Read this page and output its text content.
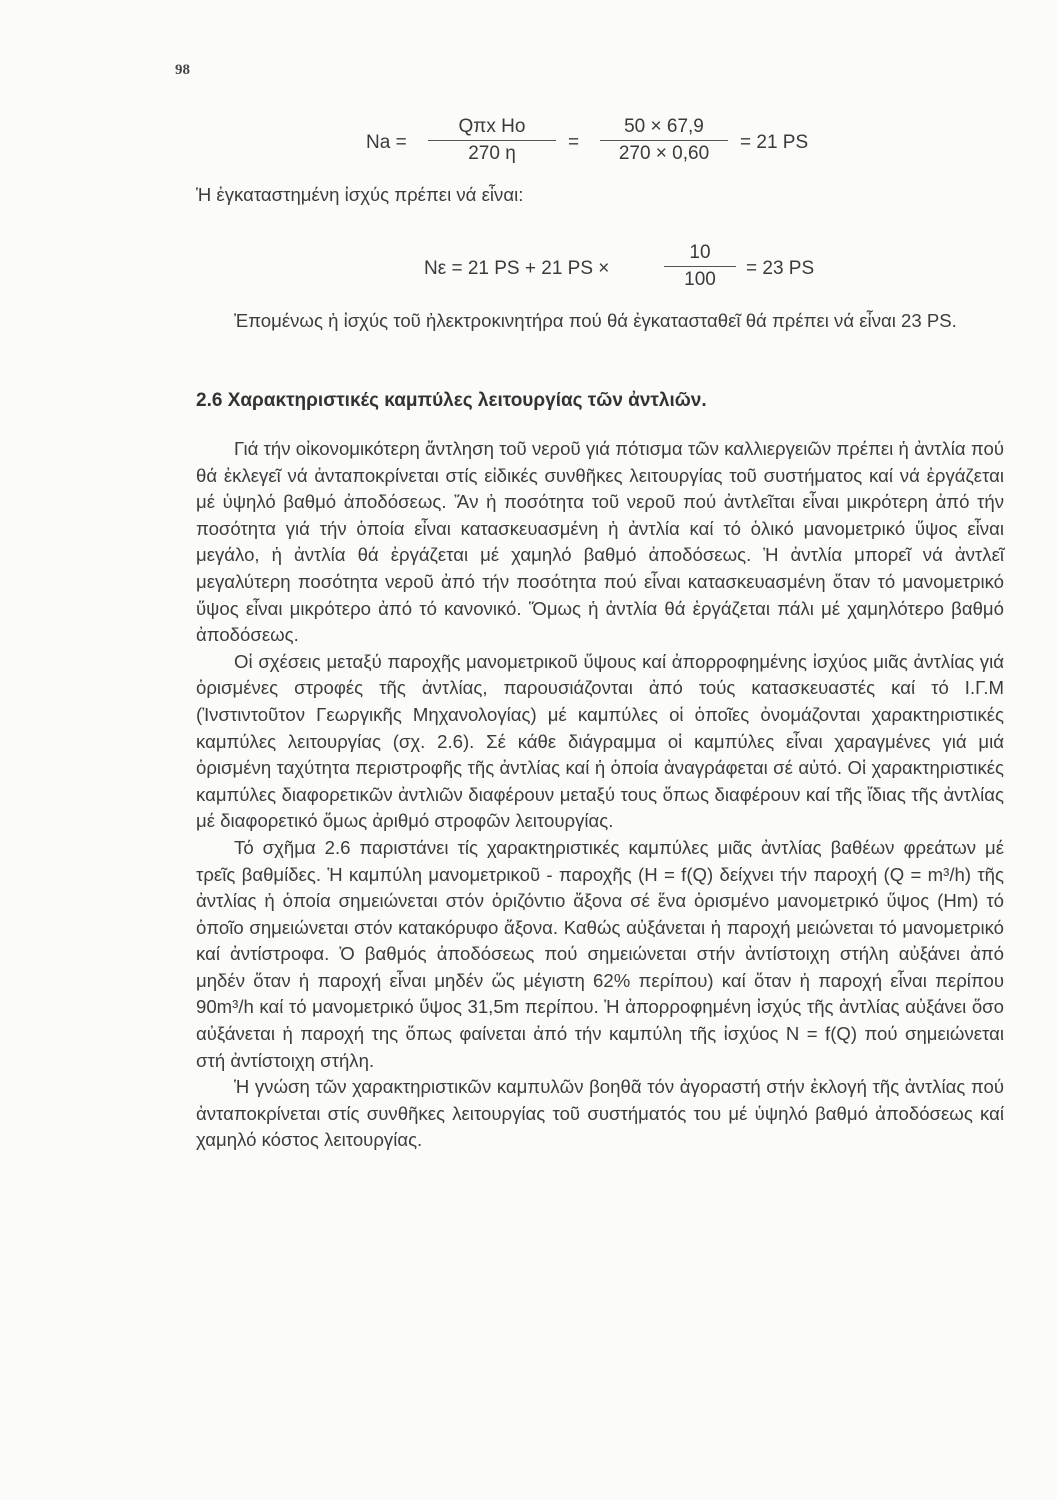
98
Na =
Qπx Ho
270 η
= $\frac{50 \times 67,9}{270 \times 0,60} = 21$ PS
Ἡ ἐγκαταστημένη ἰσχύς πρέπει νά εἶναι:
Nε = 21 PS + 21 PS ×	$\frac{10}{100} = 23$ PS
Ἐπομένως ἡ ἰσχύς τοῦ ἠλεκτροκινητήρα πού θά ἐγκατασταθεῖ θά πρέπει νά εἶναι 23 PS.
2.6 Χαρακτηριστικές καμπύλες λειτουργίας τῶν ἀντλιῶν.

Γιά τήν οἰκονομικότερη ἄντληση τοῦ νεροῦ γιά πότισμα τῶν καλλιεργειῶν πρέπει ἡ ἀντλία πού θά ἐκλεγεῖ νά ἀνταποκρίνεται στίς εἰδικές συνθῆκες λειτουργίας τοῦ συστήματος καί νά ἐργάζεται μέ ὑψηλό βαθμό ἀποδόσεως. Ἄν ἡ ποσότητα τοῦ νεροῦ πού ἀντλεῖται εἶναι μικρότερη ἀπό τήν ποσότητα γιά τήν ὁποία εἶναι κατασκευασμένη ἡ ἀντλία καί τό ὁλικό μανομετρικό ὕψος εἶναι μεγάλο, ἡ ἀντλία θά ἐργάζεται μέ χαμηλό βαθμό ἀποδόσεως. Ἡ ἀντλία μπορεῖ νά ἀντλεῖ μεγαλύτερη ποσότητα νεροῦ ἀπό τήν ποσότητα πού εἶναι κατασκευασμένη ὅταν τό μανομετρικό ὕψος εἶναι μικρότερο ἀπό τό κανονικό. Ὅμως ἡ ἀντλία θά ἐργάζεται πάλι μέ χαμηλότερο βαθμό ἀποδόσεως.

Οἱ σχέσεις μεταξύ παροχῆς μανομετρικοῦ ὕψους καί ἀπορροφημένης ἰσχύος μιᾶς ἀντλίας γιά ὁρισμένες στροφές τῆς ἀντλίας, παρουσιάζονται ἀπό τούς κατασκευαστές καί τό Ι.Γ.Μ (Ἰνστιντοῦτον Γεωργικῆς Μηχανολογίας) μέ καμπύλες οἱ ὁποῖες ὀνομάζονται χαρακτηριστικές καμπύλες λειτουργίας (σχ. 2.6). Σέ κάθε διάγραμμα οἱ καμπύλες εἶναι χαραγμένες γιά μιά ὁρισμένη ταχύτητα περιστροφῆς τῆς ἀντλίας καί ἡ ὁποία ἀναγράφεται σέ αὐτό. Οἱ χαρακτηριστικές καμπύλες διαφορετικῶν ἀντλιῶν διαφέρουν μεταξύ τους ὅπως διαφέρουν καί τῆς ἴδιας τῆς ἀντλίας μέ διαφορετικό ὅμως ἀριθμό στροφῶν λειτουργίας.

Τό σχῆμα 2.6 παριστάνει τίς χαρακτηριστικές καμπύλες μιᾶς ἀντλίας βαθέων φρεάτων μέ τρεῖς βαθμίδες. Ἡ καμπύλη μανομετρικοῦ - παροχῆς (H = f(Q) δείχνει τήν παροχή (Q = m³/h) τῆς ἀντλίας ἡ ὁποία σημειώνεται στόν ὁριζόντιο ἄξονα σέ ἕνα ὁρισμένο μανομετρικό ὕψος (Hm) τό ὁποῖο σημειώνεται στόν κατακόρυφο ἄξονα. Καθώς αὐξάνεται ἡ παροχή μειώνεται τό μανομετρικό καί ἀντίστροφα. Ὁ βαθμός ἀποδόσεως πού σημειώνεται στήν ἀντίστοιχη στήλη αὐξάνει ἀπό μηδέν ὅταν ἡ παροχή εἶναι μηδέν ὥς μέγιστη 62% περίπου) καί ὅταν ἡ παροχή εἶναι περίπου 90m³/h καί τό μανομετρικό ὕψος 31,5m περίπου. Ἡ ἀπορροφημένη ἰσχύς τῆς ἀντλίας αὐξάνει ὅσο αὐξάνεται ἡ παροχή της ὅπως φαίνεται ἀπό τήν καμπύλη τῆς ἰσχύος N = f(Q) πού σημειώνεται στή ἀντίστοιχη στήλη.

Ἡ γνώση τῶν χαρακτηριστικῶν καμπυλῶν βοηθᾶ τόν ἀγοραστή στήν ἐκλογή τῆς ἀντλίας πού ἀνταποκρίνεται στίς συνθῆκες λειτουργίας τοῦ συστήματός του μέ ὑψηλό βαθμό ἀποδόσεως καί χαμηλό κόστος λειτουργίας.
